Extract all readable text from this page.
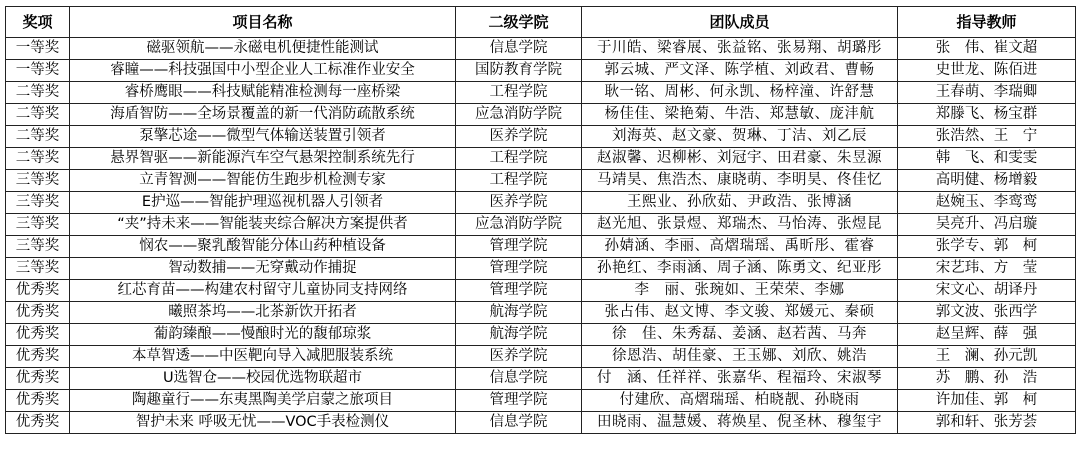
奖项	项目名称	二级学院	团队成员	指导教师
一等奖	磁驱领航——永磁电机便捷性能测试	信息学院	于川皓、梁睿展、张益铭、张易翔、胡璐彤	张　伟、崔文超
一等奖	睿瞳——科技强国中小型企业人工标准作业安全	国防教育学院	郭云城、严文泽、陈学植、刘政君、曹畅	史世龙、陈佰进
二等奖	睿桥鹰眼——科技赋能精准检测每一座桥梁	工程学院	耿一铭、周彬、何永凯、杨梓潼、许舒慧	王春萌、李瑞卿
二等奖	海盾智防——全场景覆盖的新一代消防疏散系统	应急消防学院	杨佳佳、梁艳菊、牛浩、郑慧敏、庞沣航	郑滕飞、杨宝群
二等奖	泵擎芯途——微型气体输送装置引领者	医养学院	刘海英、赵文豪、贺琳、丁洁、刘乙辰	张浩然、王　宁
二等奖	悬界智驱——新能源汽车空气悬架控制系统先行	工程学院	赵淑馨、迟柳彬、刘冠宇、田君豪、朱昱源	韩　飞、和雯雯
三等奖	立青智测——智能仿生跑步机检测专家	工程学院	马靖昊、焦浩杰、康晓萌、李明昊、佟佳忆	高明健、杨增毅
三等奖	E护巡——智能护理巡视机器人引领者	医养学院	王熙业、孙欣茹、尹政浩、张博涵	赵婉玉、李鸾鸾
三等奖	“夹”持未来——智能装夹综合解决方案提供者	应急消防学院	赵光旭、张景煜、郑瑞杰、马怡涛、张煜昆	吴亮升、冯启璇
三等奖	悯农——聚乳酸智能分体山药种植设备	管理学院	孙婧涵、李丽、高熠瑞瑶、禹昕彤、霍睿	张学专、郭　柯
三等奖	智动数捕——无穿戴动作捕捉	管理学院	孙艳红、李雨涵、周子涵、陈勇文、纪亚彤	宋艺玮、方　莹
优秀奖	红芯育苗——构建农村留守儿童协同支持网络	管理学院	李　丽、张琬如、王荣荣、李娜	宋文心、胡译丹
优秀奖	曦照茶坞——北茶新饮开拓者	航海学院	张占伟、赵文博、李文骏、郑媛元、秦硕	郭文波、张西学
优秀奖	葡韵臻酿——慢酿时光的馥郁琼浆	航海学院	徐　佳、朱秀磊、姜涵、赵若茜、马奔	赵呈辉、薛　强
优秀奖	本草智透——中医靶向导入减肥服装系统	医养学院	徐恩浩、胡佳豪、王玉娜、刘欣、姚浩	王　澜、孙元凯
优秀奖	U选智仓——校园优选物联超市	信息学院	付　涵、任祥祥、张嘉华、程福玲、宋淑琴	苏　鹏、孙　浩
优秀奖	陶趣童行——东夷黑陶美学启蒙之旅项目	管理学院	付建欣、高熠瑞瑶、柏晓靓、孙晓雨	许加佳、郭　柯
优秀奖	智护未来 呼吸无忧——VOC手表检测仪	信息学院	田晓雨、温慧媛、蒋焕星、倪圣林、穆玺宇	郭和轩、张芳荟
